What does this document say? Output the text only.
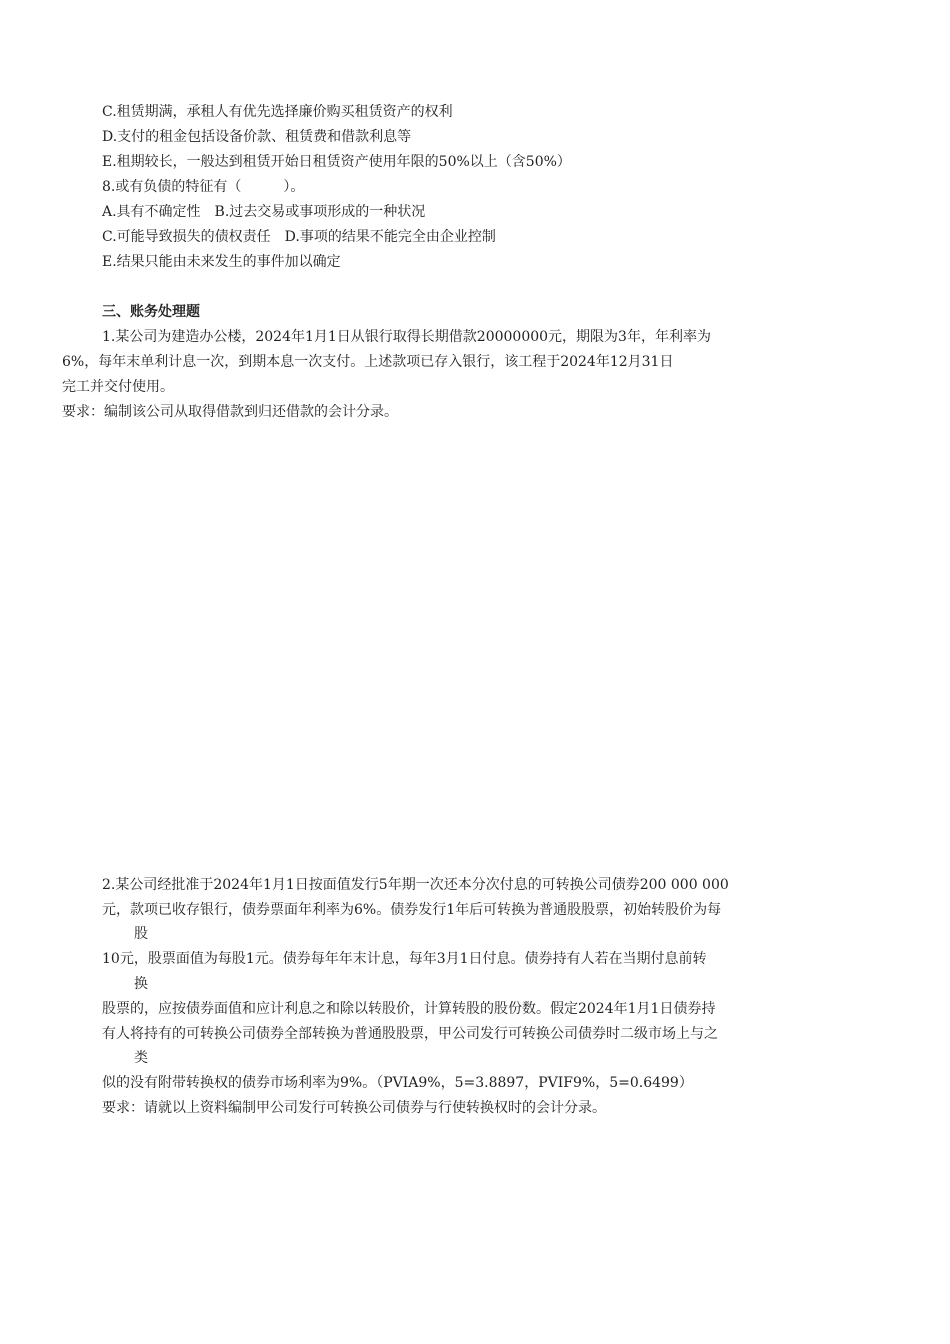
C.租赁期满，承租人有优先选择廉价购买租赁资产的权利
D.支付的租金包括设备价款、租赁费和借款利息等
E.租期较长，一般达到租赁开始日租赁资产使用年限的50%以上（含50%）
8.或有负债的特征有（　　　）。
A.具有不确定性　B.过去交易或事项形成的一种状况
C.可能导致损失的债权责任　D.事项的结果不能完全由企业控制
E.结果只能由未来发生的事件加以确定
三、账务处理题
1.某公司为建造办公楼，2024年1月1日从银行取得长期借款20000000元，期限为3年，年利率为
6%，每年末单利计息一次，到期本息一次支付。上述款项已存入银行，该工程于2024年12月31日
完工并交付使用。
要求：编制该公司从取得借款到归还借款的会计分录。
2.某公司经批准于2024年1月1日按面值发行5年期一次还本分次付息的可转换公司债券200 000 000
元，款项已收存银行，债券票面年利率为6%。债券发行1年后可转换为普通股股票，初始转股价为每
股
10元，股票面值为每股1元。债券每年年末计息，每年3月1日付息。债券持有人若在当期付息前转
换
股票的，应按债券面值和应计利息之和除以转股价，计算转股的股份数。假定2024年1月1日债券持
有人将持有的可转换公司债券全部转换为普通股股票，甲公司发行可转换公司债券时二级市场上与之
类
似的没有附带转换权的债券市场利率为9%。（PVIA9%，5=3.8897，PVIF9%，5=0.6499）
要求：请就以上资料编制甲公司发行可转换公司债券与行使转换权时的会计分录。
